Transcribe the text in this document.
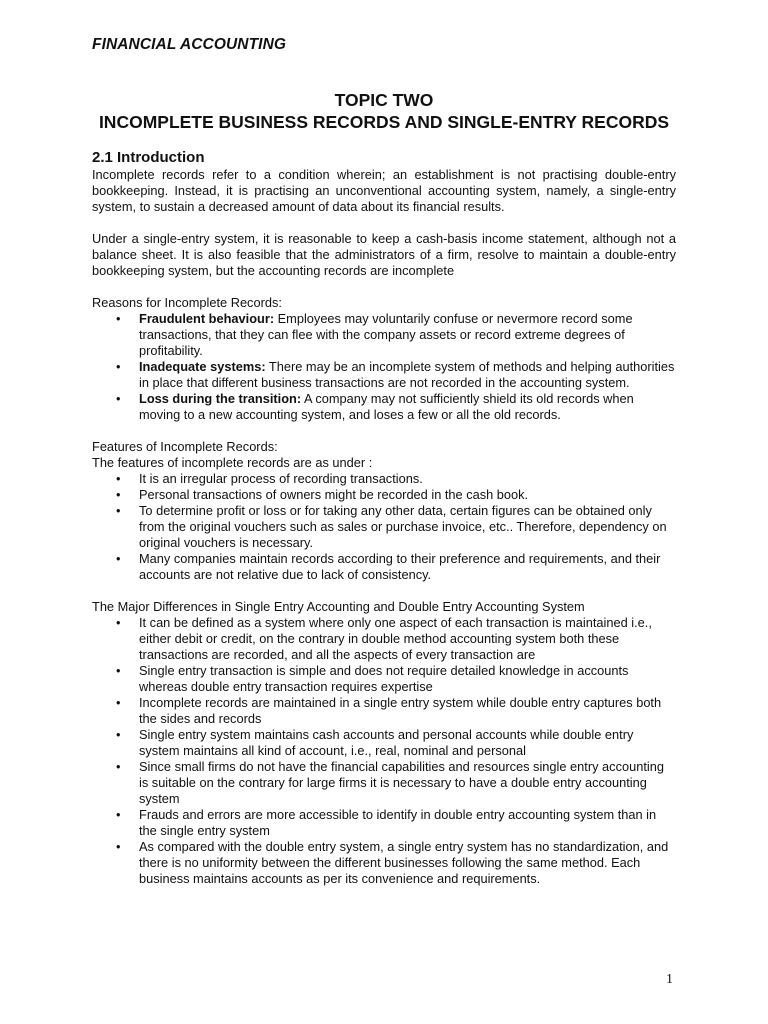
FINANCIAL ACCOUNTING
TOPIC TWO
INCOMPLETE BUSINESS RECORDS AND SINGLE-ENTRY RECORDS
2.1 Introduction

Incomplete records refer to a condition wherein; an establishment is not practising double-entry bookkeeping. Instead, it is practising an unconventional accounting system, namely, a single-entry system, to sustain a decreased amount of data about its financial results.

Under a single-entry system, it is reasonable to keep a cash-basis income statement, although not a balance sheet. It is also feasible that the administrators of a firm, resolve to maintain a double-entry bookkeeping system, but the accounting records are incomplete

Reasons for Incomplete Records:

• Fraudulent behaviour: Employees may voluntarily confuse or nevermore record some transactions, that they can flee with the company assets or record extreme degrees of profitability.
• Inadequate systems: There may be an incomplete system of methods and helping authorities in place that different business transactions are not recorded in the accounting system.
• Loss during the transition: A company may not sufficiently shield its old records when moving to a new accounting system, and loses a few or all the old records.

Features of Incomplete Records:

The features of incomplete records are as under :

• It is an irregular process of recording transactions.
• Personal transactions of owners might be recorded in the cash book.
• To determine profit or loss or for taking any other data, certain figures can be obtained only from the original vouchers such as sales or purchase invoice, etc.. Therefore, dependency on original vouchers is necessary.
• Many companies maintain records according to their preference and requirements, and their accounts are not relative due to lack of consistency.

The Major Differences in Single Entry Accounting and Double Entry Accounting System

• It can be defined as a system where only one aspect of each transaction is maintained i.e., either debit or credit, on the contrary in double method accounting system both these transactions are recorded, and all the aspects of every transaction are
• Single entry transaction is simple and does not require detailed knowledge in accounts whereas double entry transaction requires expertise
• Incomplete records are maintained in a single entry system while double entry captures both the sides and records
• Single entry system maintains cash accounts and personal accounts while double entry system maintains all kind of account, i.e., real, nominal and personal
• Since small firms do not have the financial capabilities and resources single entry accounting is suitable on the contrary for large firms it is necessary to have a double entry accounting system
• Frauds and errors are more accessible to identify in double entry accounting system than in the single entry system
• As compared with the double entry system, a single entry system has no standardization, and there is no uniformity between the different businesses following the same method. Each business maintains accounts as per its convenience and requirements.
1
